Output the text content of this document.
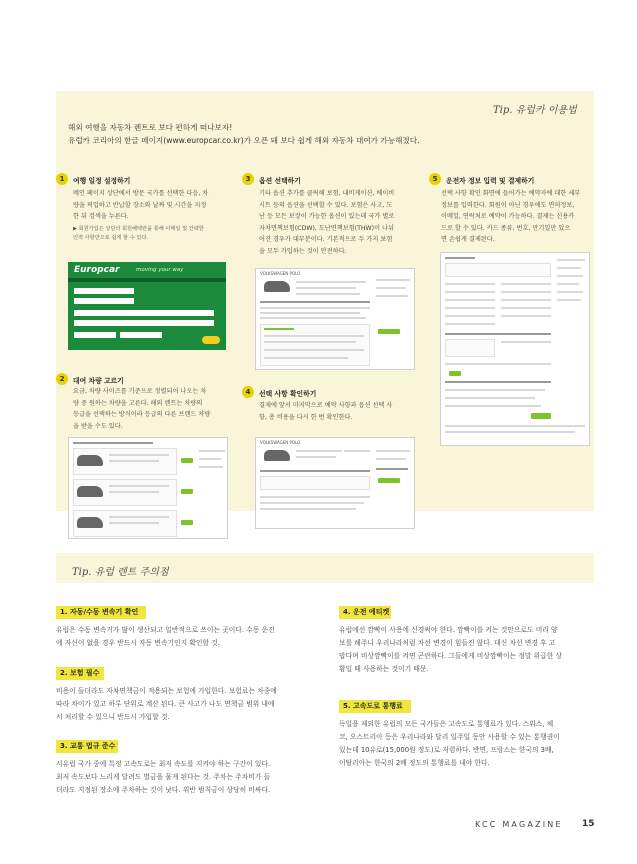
Tip. 유럽카 이용법
해외 여행을 자동차 렌트로 보다 편하게 떠나보자!
유럽카 코리아의 한글 페이지(www.europcar.co.kr)가 오픈 돼 보다 쉽게 해외 자동차 대여가 가능해졌다.
1	여행 일정 설정하기
메인 페이지 상단에서 방문 국가를 선택한 다음, 차
량을 픽업하고 반납할 장소와 날짜 및 시간을 지정
한 뒤 검색을 누른다.
▶ 회원가입은 상단의 회원혜택란을 통해 이메일 및 간략한
인적 사항만으로 쉽게 할 수 있다.
Europcar	moving your way
2	대여 차량 고르기
요금, 차량 사이즈를 기준으로 정렬되어 나오는 차
량 중 원하는 차량을 고른다. 해외 렌트는 차량의
등급을 선택하는 방식이라 등급의 다른 브랜드 차량
을 받을 수도 있다.
3	옵션 선택하기
기타 옵션 추가를 클릭해 보험, 내비게이션, 베이비
시트 등의 옵션을 선택할 수 있다. 보험은 사고, 도
난 등 모든 보장이 가능한 옵션이 있는데 국가 별로
자차면책보험(CDW), 도난면책보험(THW)이 나뉘
어진 경우가 대부분이다. 기본적으로 두 가지 보험
을 모두 가입하는 것이 안전하다.
VOLKSWAGEN POLO
4	선택 사항 확인하기
결제에 앞서 마지막으로 예약 사항과 옵션 선택 사
항, 총 비용을 다시 한 번 확인한다.
VOLKSWAGEN POLO
5	운전자 정보 입력 및 결제하기
선택 사항 확인 화면에 들어가는 예약자에 대한 세부
정보를 입력한다. 회원이 아닌 경우에도 면허정보,
이메일, 연락처로 예약이 가능하다. 결제는 신용카
드로 할 수 있다. 카드 종류, 번호, 만기일만 있으
면 손쉽게 결제된다.
Tip. 유럽 렌트 주의점
1. 자동/수동 변속기 확인
유럽은 수동 변속기가 많이 생산되고 일반적으로 쓰이는 곳이다. 수동 운전
에 자신이 없을 경우 반드시 자동 변속기인지 확인할 것.
2. 보험 필수
비용이 들더라도 자차면책금이 적용되는 보험에 가입한다. 보험료는 차종에
따라 차이가 있고 하루 단위로 계산 된다. 큰 사고가 나도 면책금 범위 내에
서 처리할 수 있으니 반드시 가입할 것.
3. 교통 법규 준수
서유럽 국가 중에 특정 고속도로는 최저 속도를 지켜야 하는 구간이 있다.
최저 속도보다 느리게 달려도 벌금을 물게 된다는 것. 주차는 주차비가 들
더라도 지정된 장소에 주차하는 것이 낫다. 위반 범칙금이 상당히 비싸다.
4. 운전 에티켓
유럽에선 깜빡이 사용에 신경써야 한다. 깜빡이를 켜는 것만으로도 미리 양
보를 해주니 우리나라처럼 차선 변경이 힘들진 않다. 대신 차선 변경 후 고
맙다며 비상깜빡이를 켜면 곤란하다. 그들에게 비상깜빡이는 정말 위급한 상
황일 때 사용하는 것이기 때문.
5. 고속도로 통행료
독일을 제외한 유럽의 모든 국가들은 고속도로 통행료가 있다. 스위스, 체
코, 오스트리아 등은 우리나라와 달리 일주일 동안 사용할 수 있는 통행권이
있는데 10유로(15,000원 정도)로 저렴하다. 반면, 프랑스는 한국의 3배,
이탈리아는 한국의 2배 정도의 통행료를 내야 한다.
KCC MAGAZINE 15
